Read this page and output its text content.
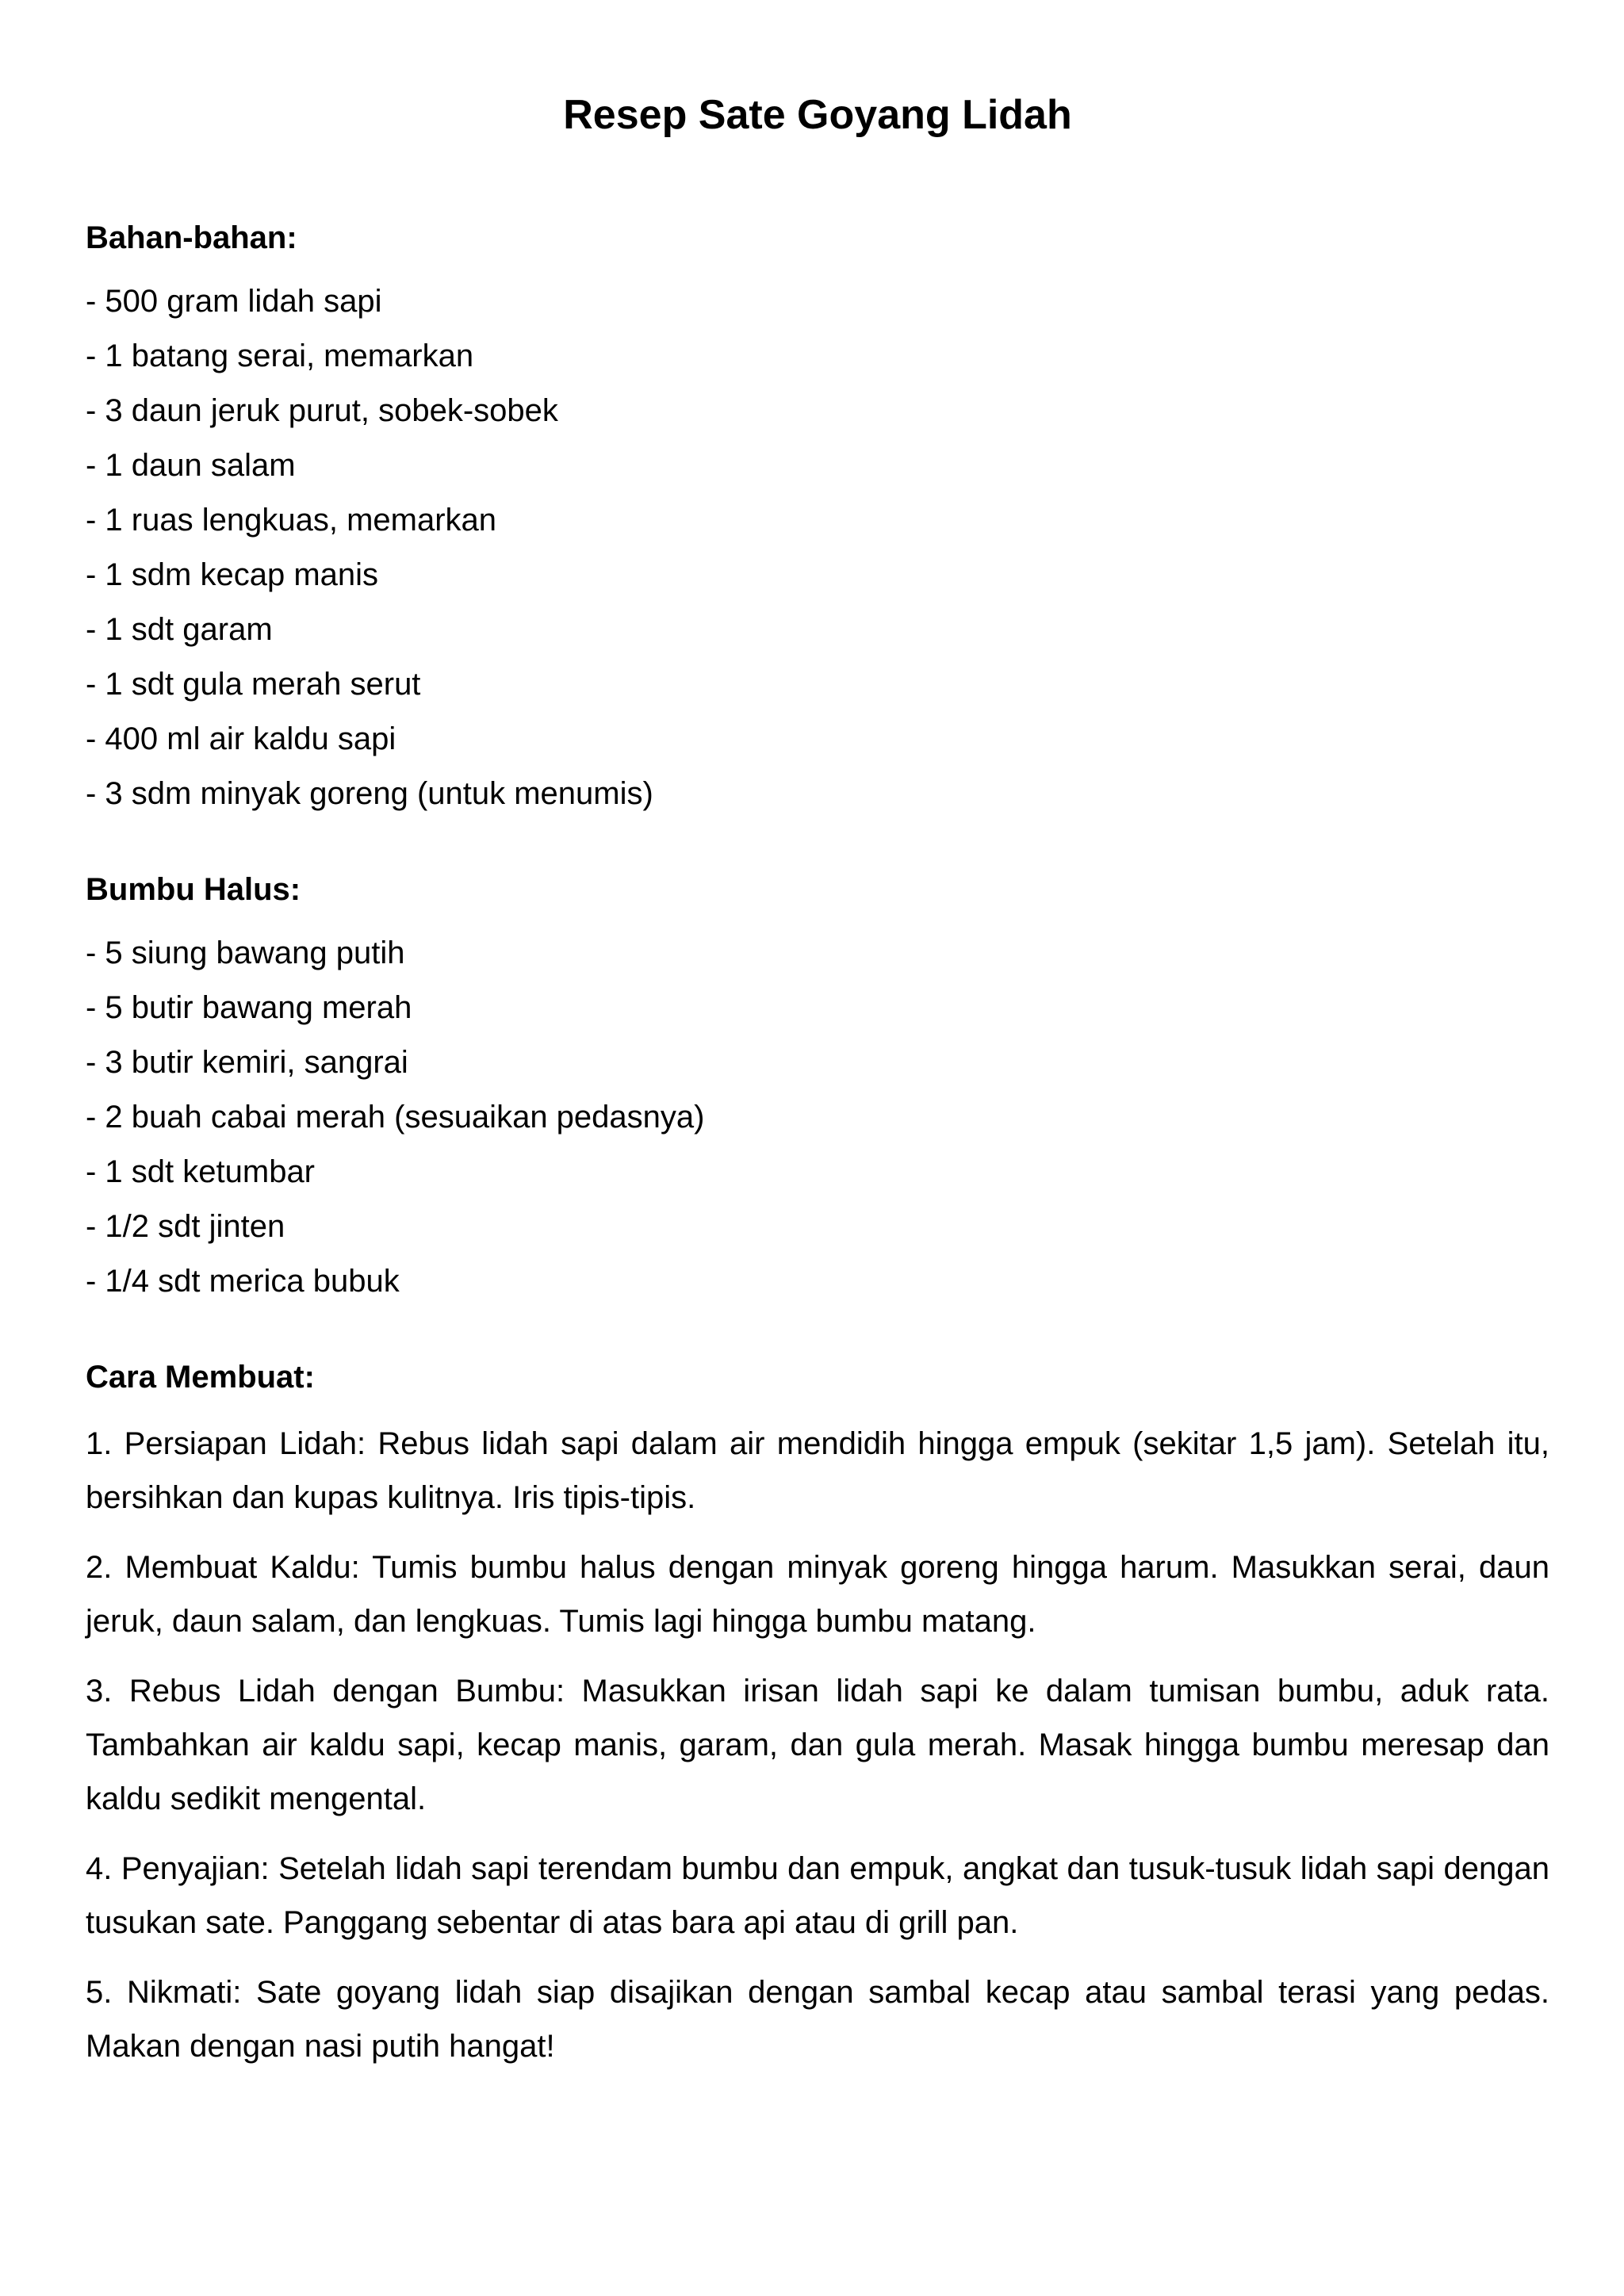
Resep Sate Goyang Lidah
Bahan-bahan:
- 500 gram lidah sapi
- 1 batang serai, memarkan
- 3 daun jeruk purut, sobek-sobek
- 1 daun salam
- 1 ruas lengkuas, memarkan
- 1 sdm kecap manis
- 1 sdt garam
- 1 sdt gula merah serut
- 400 ml air kaldu sapi
- 3 sdm minyak goreng (untuk menumis)
Bumbu Halus:
- 5 siung bawang putih
- 5 butir bawang merah
- 3 butir kemiri, sangrai
- 2 buah cabai merah (sesuaikan pedasnya)
- 1 sdt ketumbar
- 1/2 sdt jinten
- 1/4 sdt merica bubuk
Cara Membuat:
1. Persiapan Lidah: Rebus lidah sapi dalam air mendidih hingga empuk (sekitar 1,5 jam). Setelah itu, bersihkan dan kupas kulitnya. Iris tipis-tipis.
2. Membuat Kaldu: Tumis bumbu halus dengan minyak goreng hingga harum. Masukkan serai, daun jeruk, daun salam, dan lengkuas. Tumis lagi hingga bumbu matang.
3. Rebus Lidah dengan Bumbu: Masukkan irisan lidah sapi ke dalam tumisan bumbu, aduk rata. Tambahkan air kaldu sapi, kecap manis, garam, dan gula merah. Masak hingga bumbu meresap dan kaldu sedikit mengental.
4. Penyajian: Setelah lidah sapi terendam bumbu dan empuk, angkat dan tusuk-tusuk lidah sapi dengan tusukan sate. Panggang sebentar di atas bara api atau di grill pan.
5. Nikmati: Sate goyang lidah siap disajikan dengan sambal kecap atau sambal terasi yang pedas. Makan dengan nasi putih hangat!
